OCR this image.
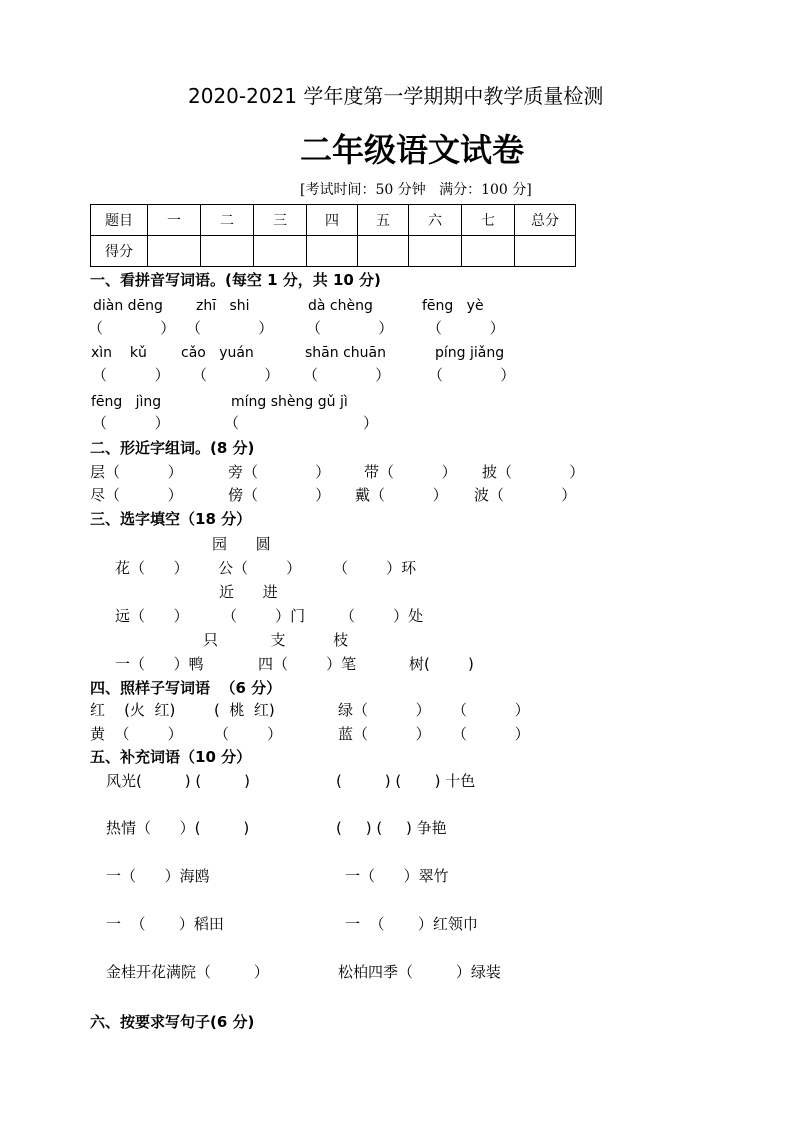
2020-2021 学年度第一学期期中教学质量检测
二年级语文试卷
[考试时间：50 分钟   满分：100 分]
题目	一	二	三	四	五	六	七	总分
得分								
一、看拼音写词语。(每空 1 分，共 10 分)
diàn dēng zhī   shi	dà chèng	fēng   yè
（            ） （            ） （            ） （          ）
xìn    kǔ cǎo   yuán	shān chuān	píng jiǎng
（          ） （            ） （            ）	（            ）
fēng   jìng	míng shèng gǔ jì
（          ）	（                          ）
二、形近字组词。(8 分)
层（          ）	旁（            ） 带（          ） 披（            ）
尽（          ）	傍（            ） 戴（          ） 波（            ）
三、选字填空（18 分）
园      圆
花（      ） 公（        ） （        ）环
近      进
远（      ） （        ）门 （        ）处
只           支          枝
一（      ）鸭	四（        ）笔	树(        )
四、照样子写词语  （6 分）
红    (火  红)	(  桃  红)	绿（          ） （          ）
黄  （        ） （        ）	蓝（          ） （          ）
五、补充词语（10 分）
风光(         ) (         )	(         ) (       ) 十色
热情（      ）(         )	(     ) (     ) 争艳
一（      ）海鸥	一（      ）翠竹
一  （       ）稻田	一  （       ）红领巾
金桂开花满院（         ）	松柏四季（         ）绿装
六、按要求写句子(6 分)
